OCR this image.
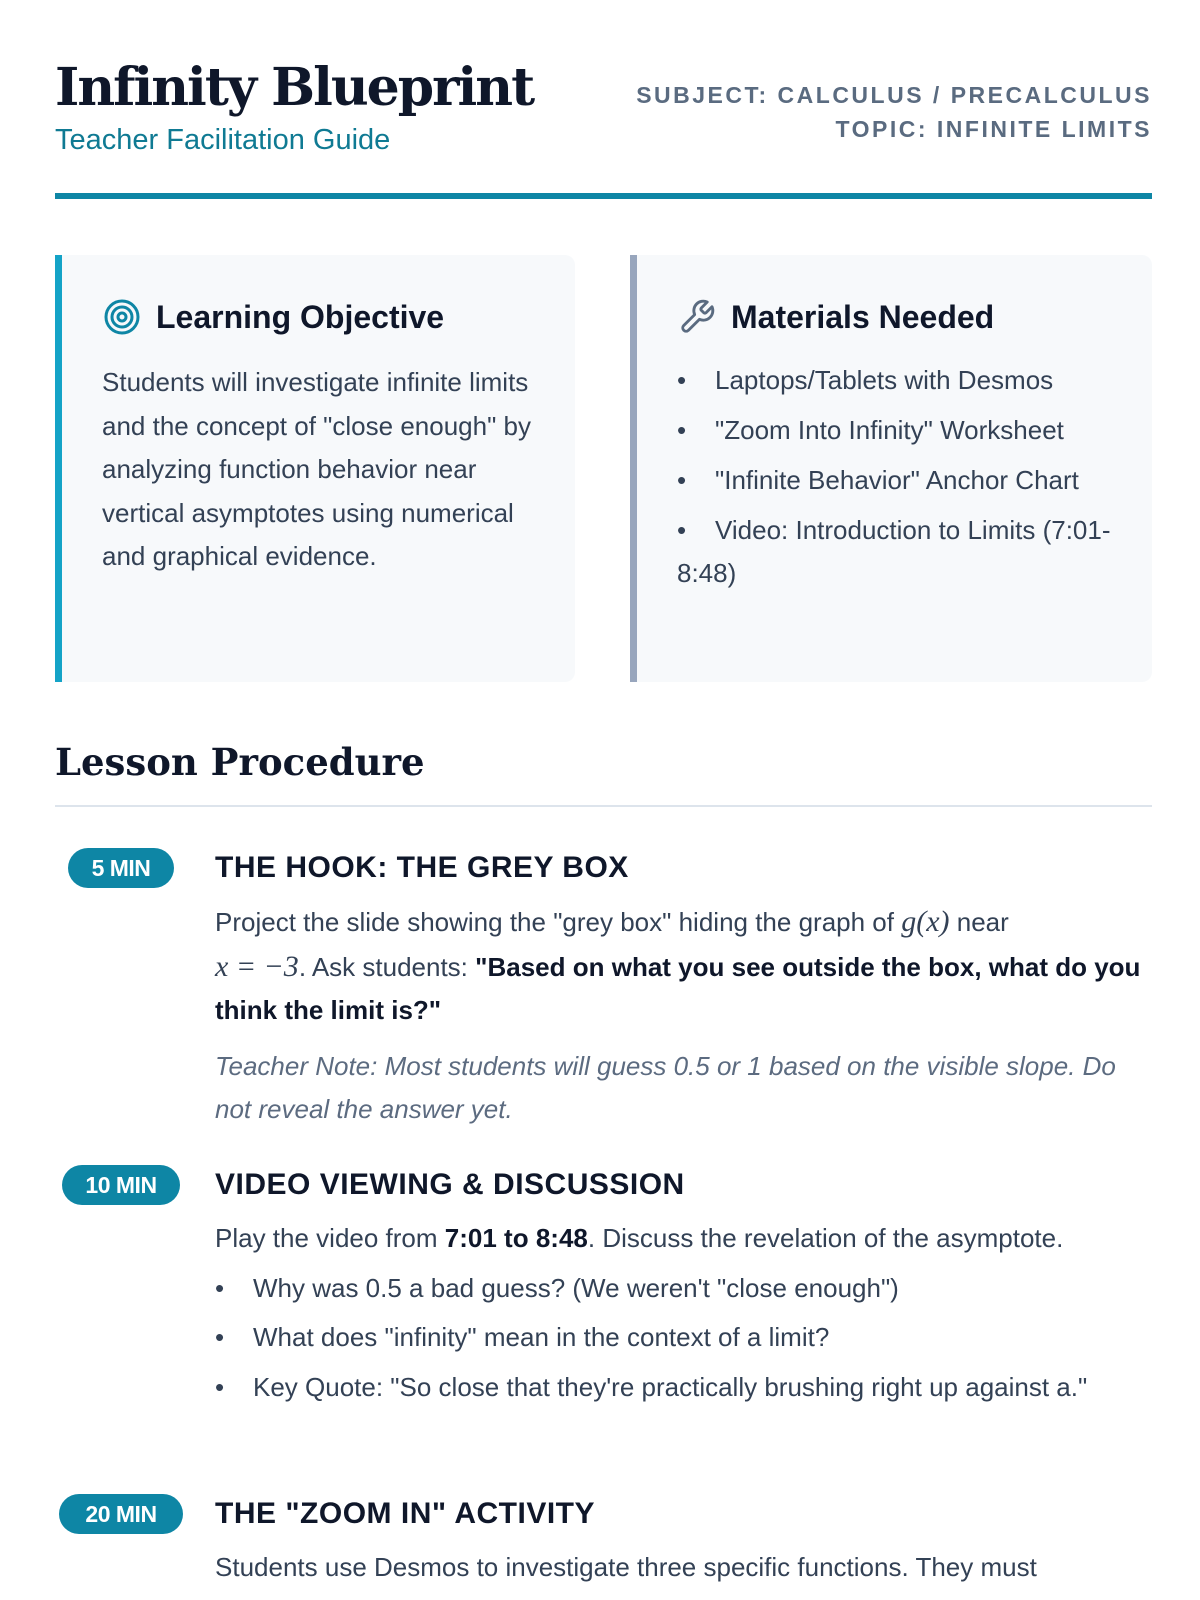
Infinity Blueprint
Teacher Facilitation Guide
SUBJECT: CALCULUS / PRECALCULUS
TOPIC: INFINITE LIMITS
Learning Objective

Students will investigate infinite limits and the concept of "close enough" by analyzing function behavior near vertical asymptotes using numerical and graphical evidence.

Materials Needed
• Laptops/Tablets with Desmos
• "Zoom Into Infinity" Worksheet
• "Infinite Behavior" Anchor Chart
• Video: Introduction to Limits (7:01-8:48)
Lesson Procedure
5 MIN	THE HOOK: THE GREY BOX

Project the slide showing the "grey box" hiding the graph of g(x) near
x = −3. Ask students: "Based on what you see outside the box, what do you think the limit is?"

Teacher Note: Most students will guess 0.5 or 1 based on the visible slope. Do not reveal the answer yet.

10 MIN	VIDEO VIEWING & DISCUSSION

Play the video from 7:01 to 8:48. Discuss the revelation of the asymptote.

• Why was 0.5 a bad guess? (We weren't "close enough")
• What does "infinity" mean in the context of a limit?
• Key Quote: "So close that they're practically brushing right up against a."
20 MIN	THE "ZOOM IN" ACTIVITY

Students use Desmos to investigate three specific functions. They must
